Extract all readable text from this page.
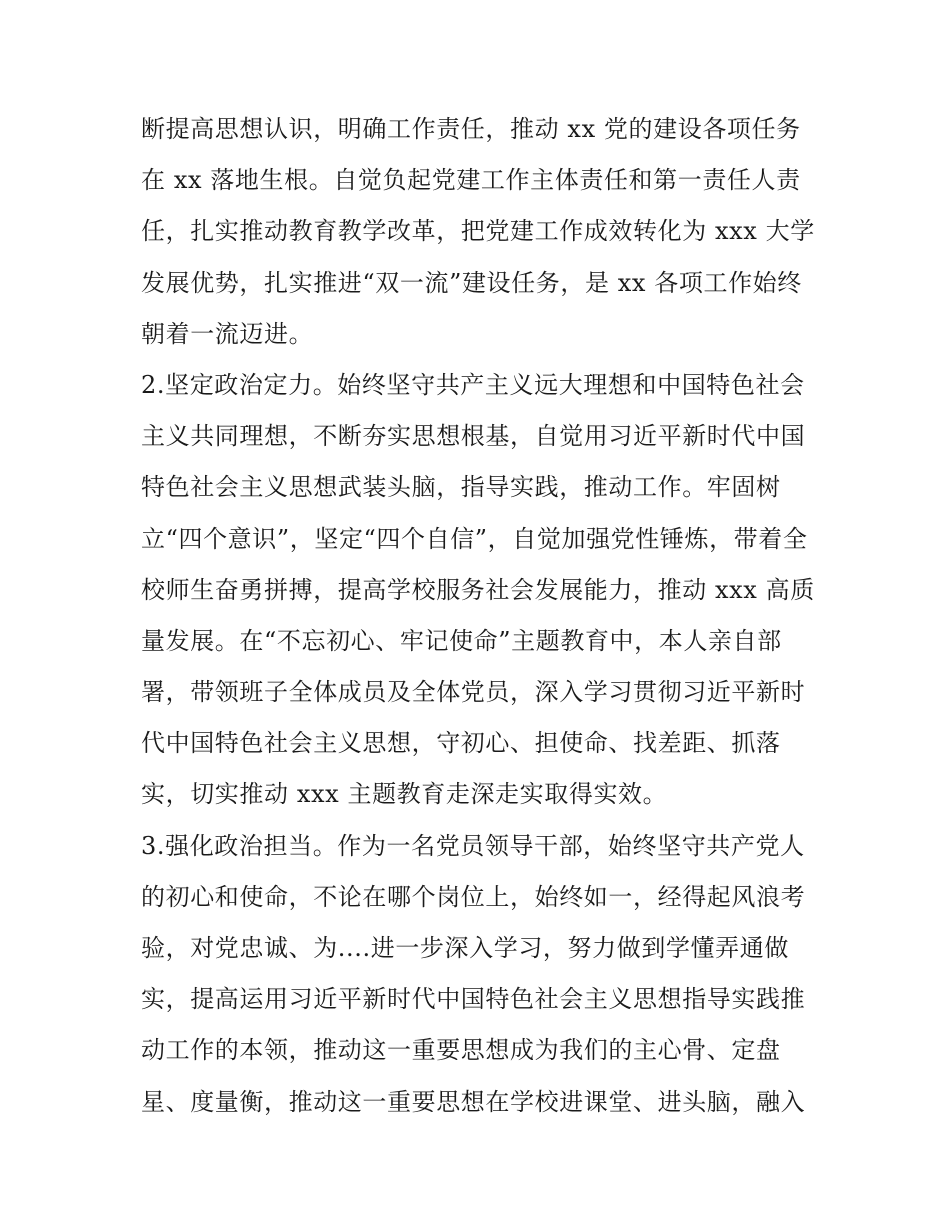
断提高思想认识，明确工作责任，推动 xx 党的建设各项任务
在 xx 落地生根。自觉负起党建工作主体责任和第一责任人责
任，扎实推动教育教学改革，把党建工作成效转化为 xxx 大学
发展优势，扎实推进“双一流”建设任务，是 xx 各项工作始终
朝着一流迈进。
2.坚定政治定力。始终坚守共产主义远大理想和中国特色社会
主义共同理想，不断夯实思想根基，自觉用习近平新时代中国
特色社会主义思想武装头脑，指导实践，推动工作。牢固树
立“四个意识”，坚定“四个自信”，自觉加强党性锤炼，带着全
校师生奋勇拼搏，提高学校服务社会发展能力，推动 xxx 高质
量发展。在“不忘初心、牢记使命”主题教育中，本人亲自部
署，带领班子全体成员及全体党员，深入学习贯彻习近平新时
代中国特色社会主义思想，守初心、担使命、找差距、抓落
实，切实推动 xxx 主题教育走深走实取得实效。
3.强化政治担当。作为一名党员领导干部，始终坚守共产党人
的初心和使命，不论在哪个岗位上，始终如一，经得起风浪考
验，对党忠诚、为....进一步深入学习，努力做到学懂弄通做
实，提高运用习近平新时代中国特色社会主义思想指导实践推
动工作的本领，推动这一重要思想成为我们的主心骨、定盘
星、度量衡，推动这一重要思想在学校进课堂、进头脑，融入
